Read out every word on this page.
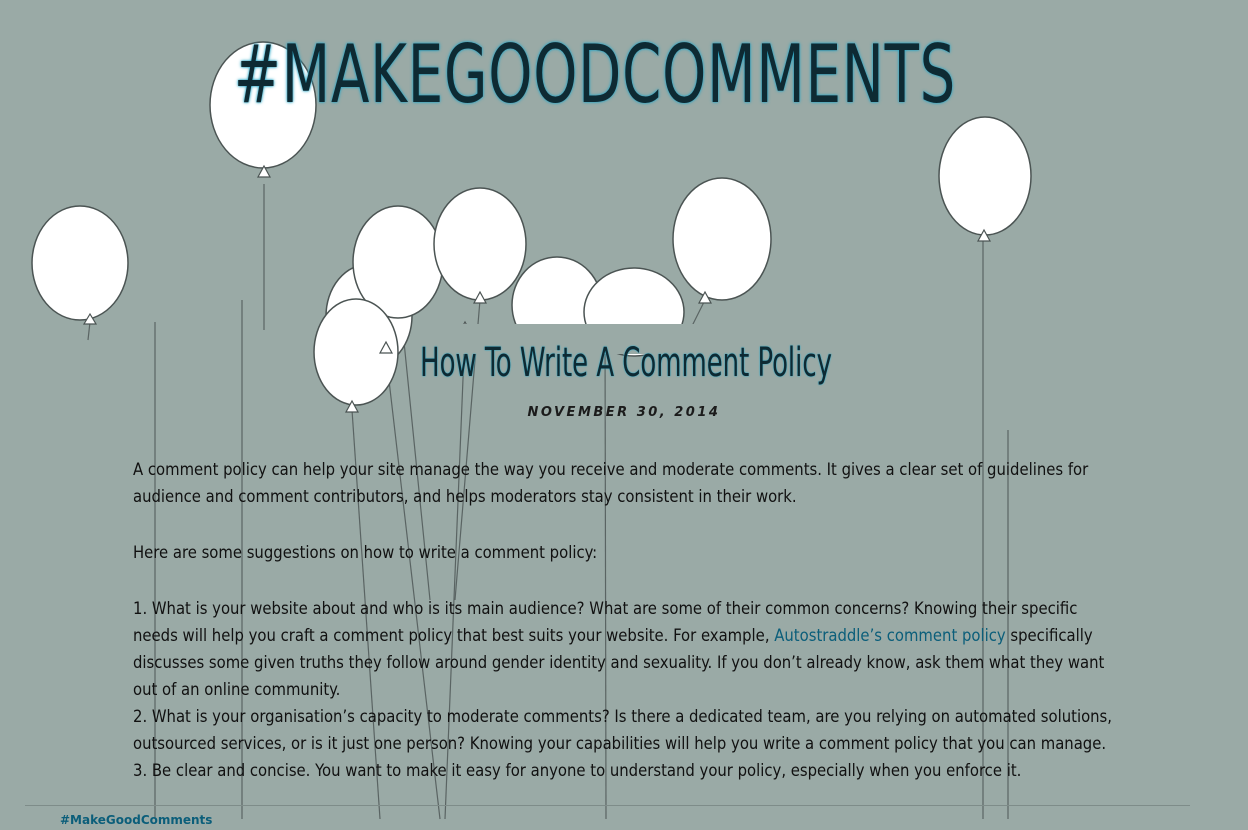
#MAKEGOODCOMMENTS
How To Write A Comment Policy
NOVEMBER 30, 2014

A comment policy can help your site manage the way you receive and moderate comments. It gives a clear set of guidelines for audience and comment contributors, and helps moderators stay consistent in their work.

Here are some suggestions on how to write a comment policy:

1. What is your website about and who is its main audience? What are some of their common concerns? Knowing their specific needs will help you craft a comment policy that best suits your website. For example, Autostraddle’s comment policy specifically discusses some given truths they follow around gender identity and sexuality. If you don’t already know, ask them what they want out of an online community.
2. What is your organisation’s capacity to moderate comments? Is there a dedicated team, are you relying on automated solutions, outsourced services, or is it just one person? Knowing your capabilities will help you write a comment policy that you can manage.
3. Be clear and concise. You want to make it easy for anyone to understand your policy, especially when you enforce it.
#MakeGoodComments
